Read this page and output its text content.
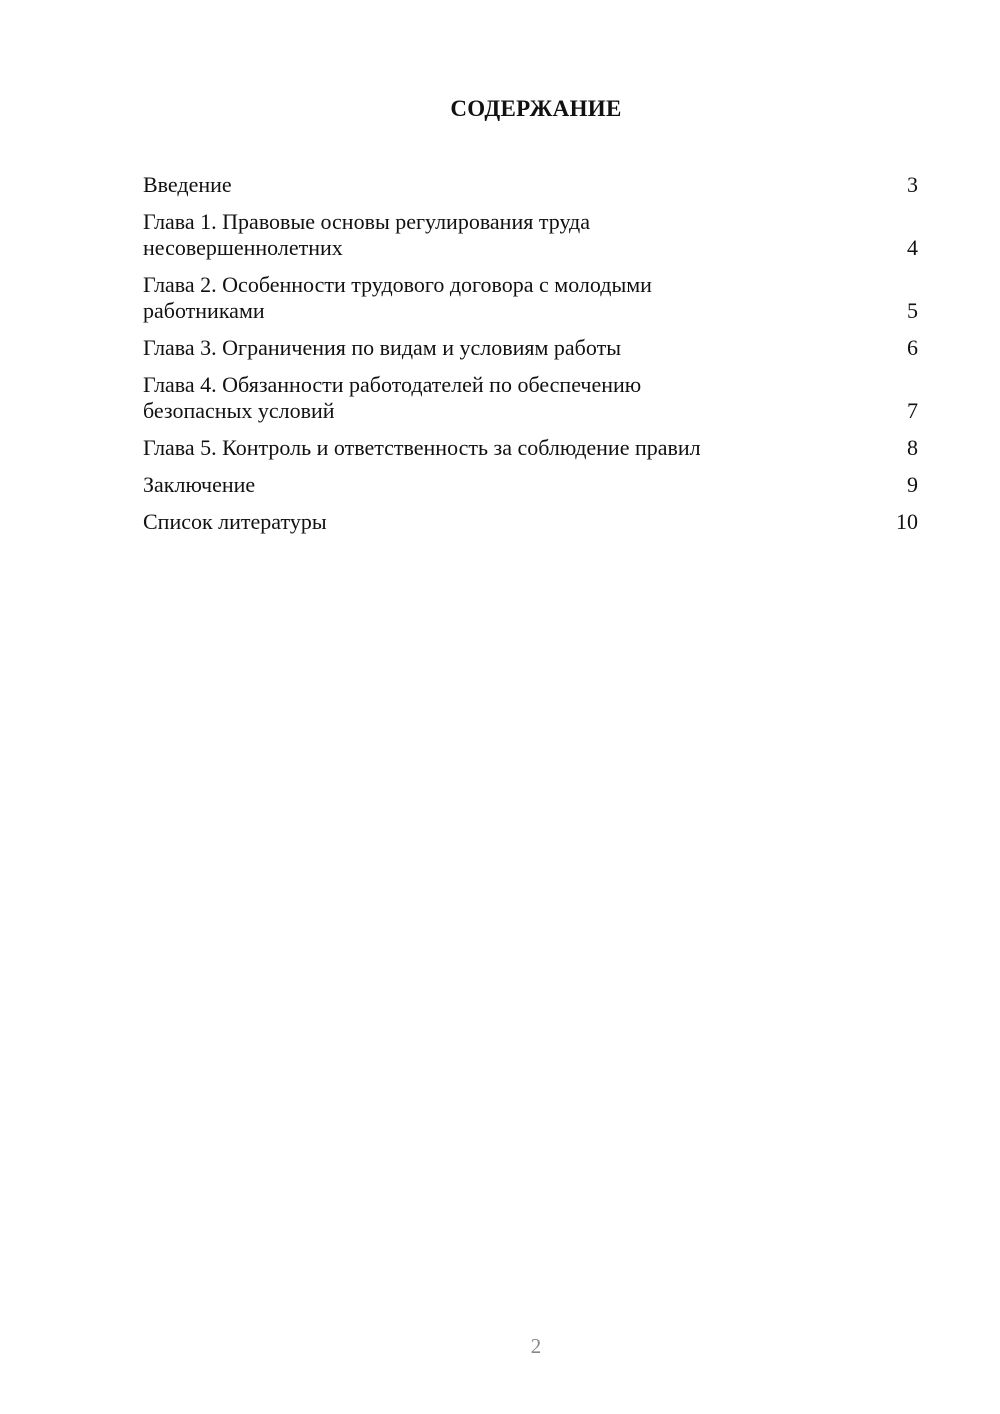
СОДЕРЖАНИЕ
Введение	3
Глава 1. Правовые основы регулирования труда
несовершеннолетних	4
Глава 2. Особенности трудового договора с молодыми
работниками	5
Глава 3. Ограничения по видам и условиям работы	6
Глава 4. Обязанности работодателей по обеспечению
безопасных условий	7
Глава 5. Контроль и ответственность за соблюдение правил	8
Заключение	9
Список литературы	10
2
